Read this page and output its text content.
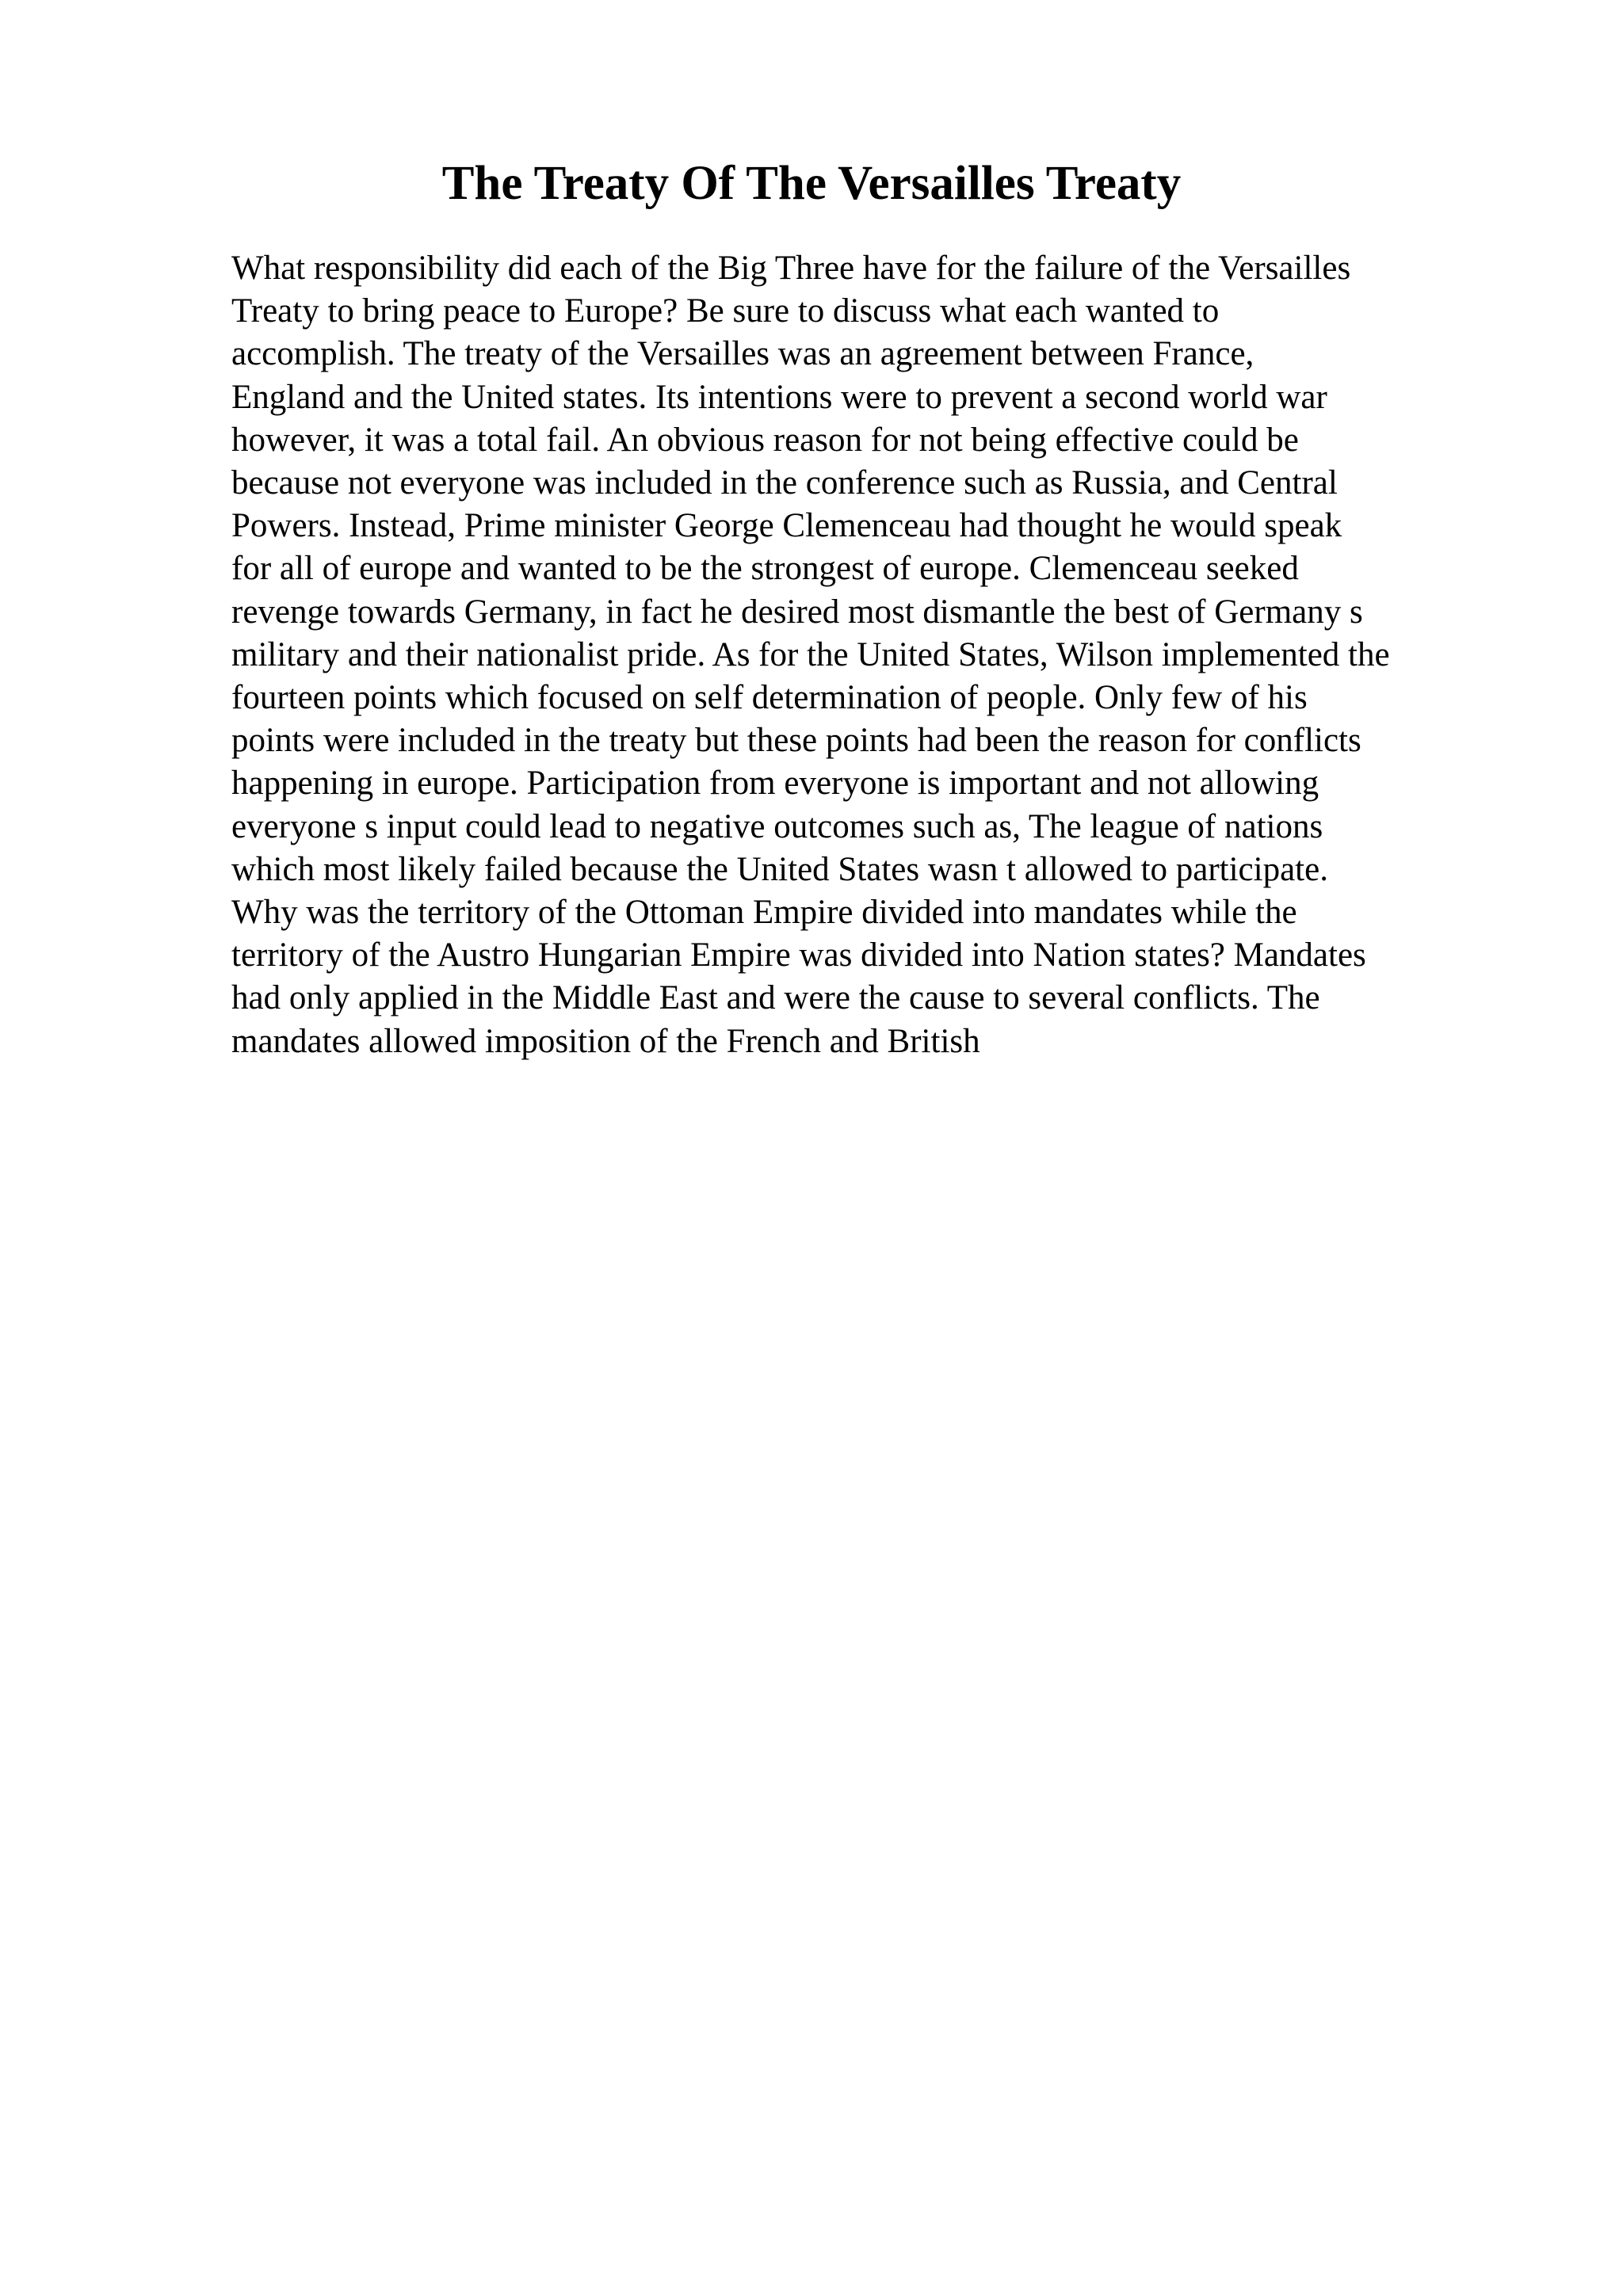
The Treaty Of The Versailles Treaty
What responsibility did each of the Big Three have for the failure of the Versailles
Treaty to bring peace to Europe? Be sure to discuss what each wanted to
accomplish. The treaty of the Versailles was an agreement between France,
England and the United states. Its intentions were to prevent a second world war
however, it was a total fail. An obvious reason for not being effective could be
because not everyone was included in the conference such as Russia, and Central
Powers. Instead, Prime minister George Clemenceau had thought he would speak
for all of europe and wanted to be the strongest of europe. Clemenceau seeked
revenge towards Germany, in fact he desired most dismantle the best of Germany s
military and their nationalist pride. As for the United States, Wilson implemented the
fourteen points which focused on self determination of people. Only few of his
points were included in the treaty but these points had been the reason for conflicts
happening in europe. Participation from everyone is important and not allowing
everyone s input could lead to negative outcomes such as, The league of nations
which most likely failed because the United States wasn t allowed to participate.
Why was the territory of the Ottoman Empire divided into mandates while the
territory of the Austro Hungarian Empire was divided into Nation states? Mandates
had only applied in the Middle East and were the cause to several conflicts. The
mandates allowed imposition of the French and British
